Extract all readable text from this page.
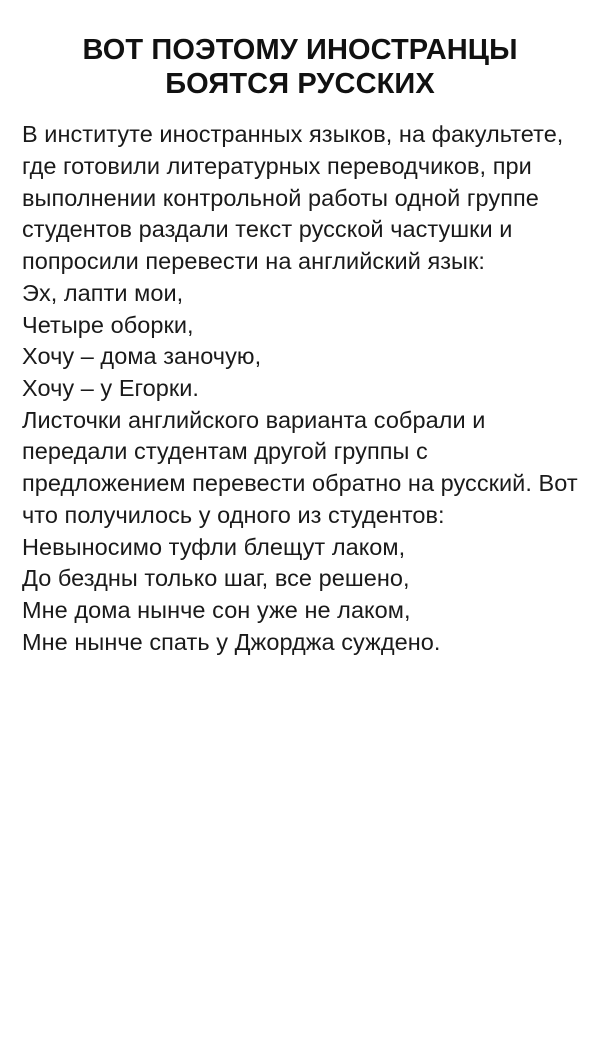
ВОТ ПОЭТОМУ ИНОСТРАНЦЫ
БОЯТСЯ РУССКИХ

В институте иностранных языков, на факультете, где готовили литературных переводчиков, при выполнении контрольной работы одной группе студентов раздали текст русской частушки и попросили перевести на английский язык:

Эх, лапти мои,
Четыре оборки,
Хочу – дома заночую,
Хочу – у Егорки.

Листочки английского варианта собрали и передали студентам другой группы с предложением перевести обратно на русский. Вот что получилось у одного из студентов:

Невыносимо туфли блещут лаком,
До бездны только шаг, все решено,
Мне дома нынче сон уже не лаком,
Мне нынче спать у Джорджа суждено.
